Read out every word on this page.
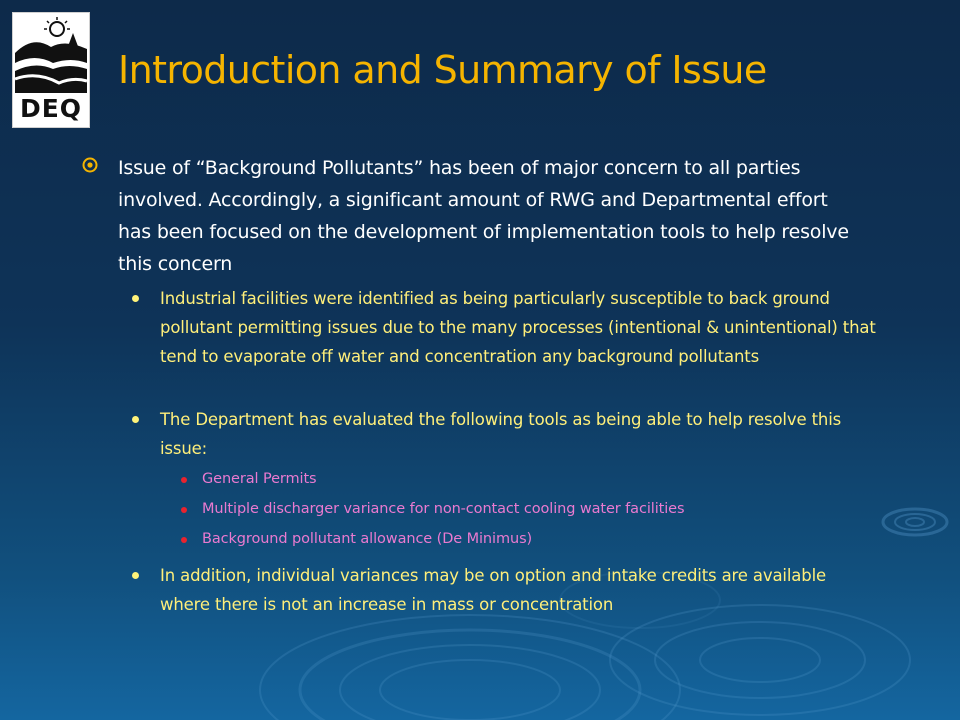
DEQ
Introduction and Summary of Issue
Issue of “Background Pollutants” has been of major concern to all parties involved. Accordingly, a significant amount of RWG and Departmental effort has been focused on the development of implementation tools to help resolve this concern
Industrial facilities were identified as being particularly susceptible to back ground pollutant permitting issues due to the many processes (intentional & unintentional) that tend to evaporate off water and concentration any background pollutants
The Department has evaluated the following tools as being able to help resolve this issue:
General Permits
Multiple discharger variance for non-contact cooling water facilities
Background pollutant allowance (De Minimus)
In addition, individual variances may be on option and intake credits are available where there is not an increase in mass or concentration
